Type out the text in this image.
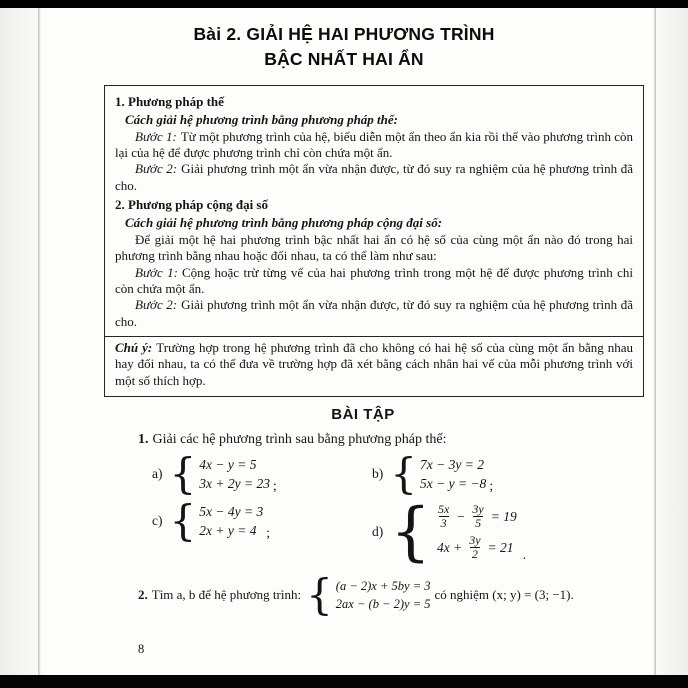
Bài 2. GIẢI HỆ HAI PHƯƠNG TRÌNH
BẬC NHẤT HAI ẨN

1. Phương pháp thế

Cách giải hệ phương trình bằng phương pháp thế:

Bước 1: Từ một phương trình của hệ, biểu diễn một ẩn theo ẩn kia rồi thế vào phương trình còn lại của hệ để được phương trình chỉ còn chứa một ẩn.

Bước 2: Giải phương trình một ẩn vừa nhận được, từ đó suy ra nghiệm của hệ phương trình đã cho.

2. Phương pháp cộng đại số

Cách giải hệ phương trình bằng phương pháp cộng đại số:

Để giải một hệ hai phương trình bậc nhất hai ẩn có hệ số của cùng một ẩn nào đó trong hai phương trình bằng nhau hoặc đối nhau, ta có thể làm như sau:

Bước 1: Cộng hoặc trừ từng vế của hai phương trình trong một hệ để được phương trình chỉ còn chứa một ẩn.

Bước 2: Giải phương trình một ẩn vừa nhận được, từ đó suy ra nghiệm của hệ phương trình đã cho.

Chú ý: Trường hợp trong hệ phương trình đã cho không có hai hệ số của cùng một ẩn bằng nhau hay đối nhau, ta có thể đưa về trường hợp đã xét bằng cách nhân hai vế của mỗi phương trình với một số thích hợp.
BÀI TẬP

1. Giải các hệ phương trình sau bằng phương pháp thế:

a) { 4x − y = 5
3x + 2y = 23 ;
b) { 7x − 3y = 2
5x − y = −8 ;
c) { 5x − 4y = 3
2x + y = 4 ;	d) { $\frac{5x}{3} - \frac{3y}{5} = 19$
$4x + \frac{3y}{2} = 21$
.
2. Tìm a, b để hệ phương trình: { (a − 2)x + 5by = 3
2ax − (b − 2)y = 5
có nghiệm (x; y) = (3; −1).
8
